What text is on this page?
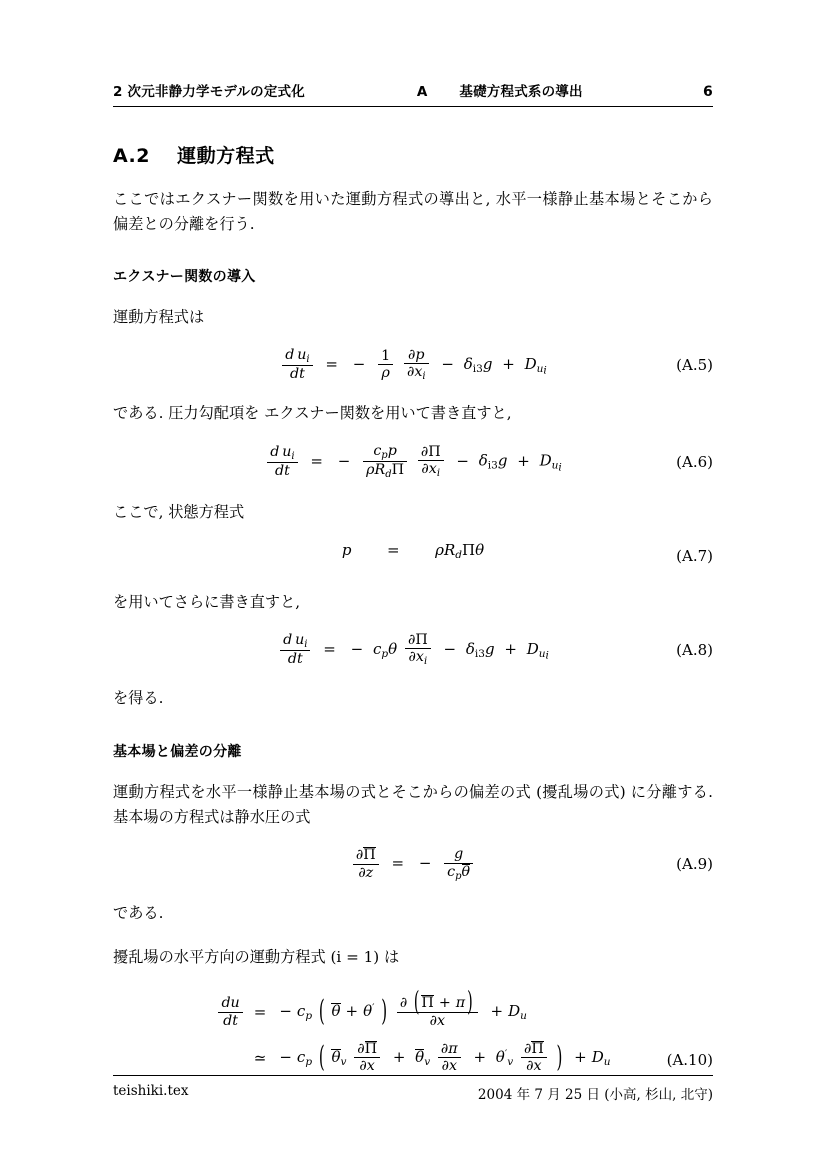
2 次元非静力学モデルの定式化	A 基礎方程式系の導出	6
A.2 運動方程式

ここではエクスナー関数を用いた運動方程式の導出と, 水平一様静止基本場とそこから偏差との分離を行う.

エクスナー関数の導入

運動方程式は

$\frac{d u_i}{dt}$ = − $\frac{1}{\rho}$
$\frac{\partial p}{\partial x_i} - \delta i3g + D_{ui}$	(A.5)

である. 圧力勾配項を エクスナー関数を用いて書き直すと,

$\frac{d u_i}{dt}$ = − $\frac{c_pp}{\rho R_d\Pi}$
$\frac{\partial\Pi}{\partial x_i} - \delta i3g + D_{ui}$	(A.6)

ここで, 状態方程式

$p = \rho R_d\Pi\theta$	(A.7)

を用いてさらに書き直すと,

$\frac{d u_i}{dt}$ = − $c_p\theta \frac{\partial\Pi}{\partial x_i} - \delta i3g + D_{ui}$	(A.8)

を得る.

基本場と偏差の分離

運動方程式を水平一様静止基本場の式とそこからの偏差の式 (擾乱場の式) に分離する. 基本場の方程式は静水圧の式

$\frac{\partial\Pi}{\partial z}$ = − $\frac{g}{c_p\theta}$	(A.9)

である.

擾乱場の水平方向の運動方程式 (i = 1) は

$\frac{du}{dt}$ = − $c_p$ ( θ + θ′ ) $\frac{\partial ( \Pi + \pi )}{\partial x} + D_u$
≃ − $c_p$ ( $\theta_v \frac{\partial\Pi}{\partial x} + \theta_v \frac{\partial\pi}{\partial x} + \theta'_v \frac{\partial\Pi}{\partial x}$ ) + $D_u$	(A.10)
teishiki.tex	2004 年 7 月 25 日 (小高, 杉山, 北守)
